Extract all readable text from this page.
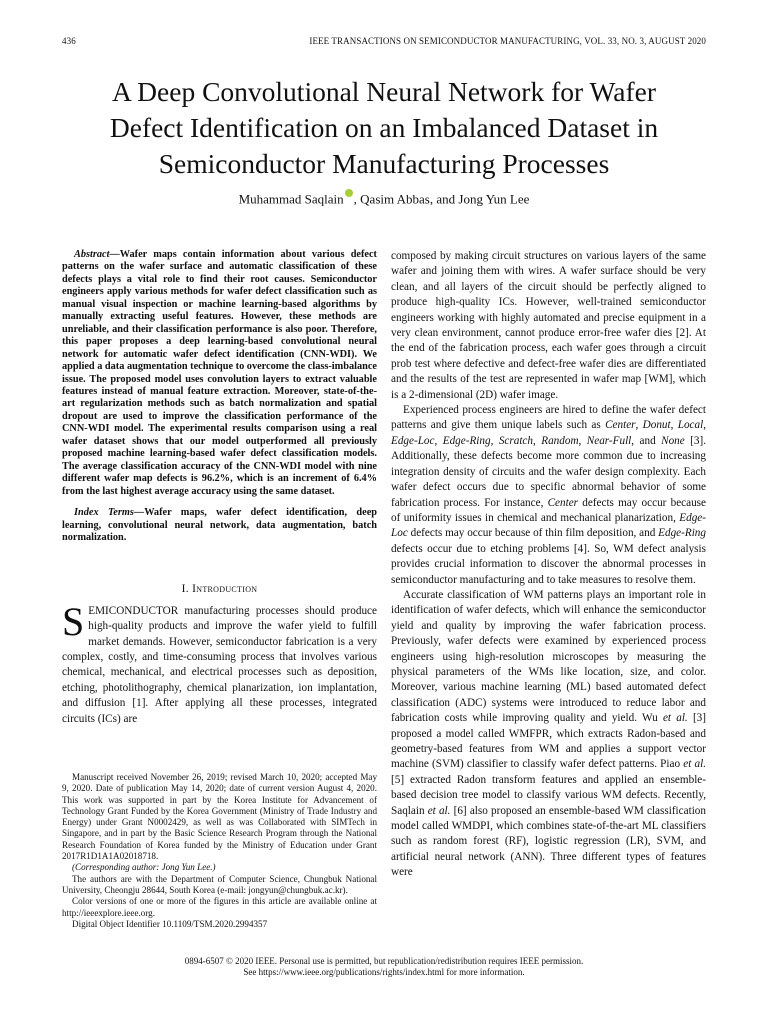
436	IEEE TRANSACTIONS ON SEMICONDUCTOR MANUFACTURING, VOL. 33, NO. 3, AUGUST 2020
A Deep Convolutional Neural Network for Wafer
Defect Identification on an Imbalanced Dataset in
Semiconductor Manufacturing Processes
Muhammad Saqlain , Qasim Abbas, and Jong Yun Lee

Abstract—Wafer maps contain information about various defect patterns on the wafer surface and automatic classification of these defects plays a vital role to find their root causes. Semiconductor engineers apply various methods for wafer defect classification such as manual visual inspection or machine learning-based algorithms by manually extracting useful features. However, these methods are unreliable, and their classification performance is also poor. Therefore, this paper proposes a deep learning-based convolutional neural network for automatic wafer defect identification (CNN-WDI). We applied a data augmentation technique to overcome the class-imbalance issue. The proposed model uses convolution layers to extract valuable features instead of manual feature extraction. Moreover, state-of-the-art regularization methods such as batch normalization and spatial dropout are used to improve the classification performance of the CNN-WDI model. The experimental results comparison using a real wafer dataset shows that our model outperformed all previously proposed machine learning-based wafer defect classification models. The average classification accuracy of the CNN-WDI model with nine different wafer map defects is 96.2%, which is an increment of 6.4% from the last highest average accuracy using the same dataset.

Index Terms—Wafer maps, wafer defect identification, deep learning, convolutional neural network, data augmentation, batch normalization.

I. Introduction

SEMICONDUCTOR manufacturing processes should produce high-quality products and improve the wafer yield to fulfill market demands. However, semiconductor fabrication is a very complex, costly, and time-consuming process that involves various chemical, mechanical, and electrical processes such as deposition, etching, photolithography, chemical planarization, ion implantation, and diffusion [1]. After applying all these processes, integrated circuits (ICs) are

Manuscript received November 26, 2019; revised March 10, 2020; accepted May 9, 2020. Date of publication May 14, 2020; date of current version August 4, 2020. This work was supported in part by the Korea Institute for Advancement of Technology Grant Funded by the Korea Government (Ministry of Trade Industry and Energy) under Grant N0002429, as well as was Collaborated with SIMTech in Singapore, and in part by the Basic Science Research Program through the National Research Foundation of Korea funded by the Ministry of Education under Grant 2017R1D1A1A02018718.

(Corresponding author: Jong Yun Lee.)

The authors are with the Department of Computer Science, Chungbuk National University, Cheongju 28644, South Korea (e-mail: jongyun@chungbuk.ac.kr).

Color versions of one or more of the figures in this article are available online at http://ieeexplore.ieee.org.

Digital Object Identifier 10.1109/TSM.2020.2994357

composed by making circuit structures on various layers of the same wafer and joining them with wires. A wafer surface should be very clean, and all layers of the circuit should be perfectly aligned to produce high-quality ICs. However, well-trained semiconductor engineers working with highly automated and precise equipment in a very clean environment, cannot produce error-free wafer dies [2]. At the end of the fabrication process, each wafer goes through a circuit prob test where defective and defect-free wafer dies are differentiated and the results of the test are represented in wafer map [WM], which is a 2-dimensional (2D) wafer image.

Experienced process engineers are hired to define the wafer defect patterns and give them unique labels such as Center, Donut, Local, Edge-Loc, Edge-Ring, Scratch, Random, Near-Full, and None [3]. Additionally, these defects become more common due to increasing integration density of circuits and the wafer design complexity. Each wafer defect occurs due to specific abnormal behavior of some fabrication process. For instance, Center defects may occur because of uniformity issues in chemical and mechanical planarization, Edge-Loc defects may occur because of thin film deposition, and Edge-Ring defects occur due to etching problems [4]. So, WM defect analysis provides crucial information to discover the abnormal processes in semiconductor manufacturing and to take measures to resolve them.

Accurate classification of WM patterns plays an important role in identification of wafer defects, which will enhance the semiconductor yield and quality by improving the wafer fabrication process. Previously, wafer defects were examined by experienced process engineers using high-resolution microscopes by measuring the physical parameters of the WMs like location, size, and color. Moreover, various machine learning (ML) based automated defect classification (ADC) systems were introduced to reduce labor and fabrication costs while improving quality and yield. Wu et al. [3] proposed a model called WMFPR, which extracts Radon-based and geometry-based features from WM and applies a support vector machine (SVM) classifier to classify wafer defect patterns. Piao et al. [5] extracted Radon transform features and applied an ensemble-based decision tree model to classify various WM defects. Recently, Saqlain et al. [6] also proposed an ensemble-based WM classification model called WMDPI, which combines state-of-the-art ML classifiers such as random forest (RF), logistic regression (LR), SVM, and artificial neural network (ANN). Three different types of features were

0894-6507 © 2020 IEEE. Personal use is permitted, but republication/redistribution requires IEEE permission.
See https://www.ieee.org/publications/rights/index.html for more information.
